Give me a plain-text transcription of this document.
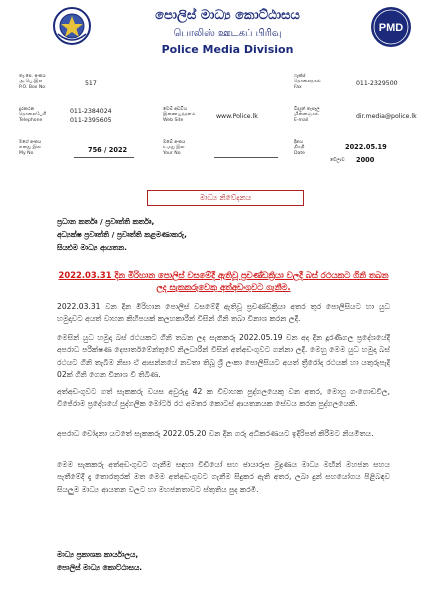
පොලිස් මාධ්‍ය කොට්ඨාසය
பொலிஸ் ஊடகப் பிரிவு
Police Media Division
PMD
තැ.පෙ. අංකය
அ.பெ.இல
P.O. Box No
517
දුරකථන
தொலைபேசி
Telephone
011-2384024
011-2395605
මගේ අංකය
எனது இல
My No	756 / 2022
වෙබ් අඩවිය
இணையத்தளம்
Web Site
www.Police.lk
ඔබේ අංකය
உமது இல
Your No
ෆැක්ස්
தொலைநகல்
Fax
011-2329500
විද්‍යුත් තැපෑල
மின்னஞ்சல்
E-mail
dir.media@police.lk
දිනය
திகதி
Date
2022.05.19
වේලාව 2000
මාධ්‍ය නිවේදනය
ප්‍රධාන කර්තෘ / ප්‍රවෘත්ති කර්තෘ,
අධ්‍යක්ෂ ප්‍රවෘත්ති / ප්‍රවෘත්ති කළමණාකරු,
සියළුම මාධ්‍ය ආයතන.
2022.03.31 දින මිරිහාන පොලිස් වසමේදී ඇතිවූ ප්‍රචණ්ඩක්‍රියා වලදී බස් රථයකට ගිනි තබන ලද සැකකරුවෙකු අත්අඩංගුවට ගැනීම.
2022.03.31 වන දින මිරිහාන පොලිස් වසමේදී ඇතිවූ ප්‍රචණ්ඩක්‍රියා අතර තුර පොලිසියට හා යුධ හමුදාවට අයත් වාහන කිහිපයක් කලහකාරීන් විසින් ගිනි තබා විනාශ කරන ලදී.
මෙසින් යුධ හමුදා බස් රථයකට ගිනි තබන ලද සැකකරු 2022.05.19 වන අද දින දූරණිගල ප්‍රදේශයේදී අපරාධ පරීක්ෂණ දෙපාර්තමේන්තුවේ නිලධාරීන් විසින් අත්අඩංගුවට ගන්නා ලදී. මෙහු මෙම යුධ හමුදා බස් රථයට ගිනි තැබීම නිසා ඒ ආසන්නයේ නවතා තිබූ ශ්‍රී ලංකා පොලිසියට අයත් ත්‍රීරෝද රථයක් හා යතුරුපැදි 02ක් ගිනි ගෙන විනාශ වී තිබිණ.
අත්අඩංගුවට ගත් සැකකරු වයස අවුරුදු 42 ක විවාහක පුද්ගලයෙකු වන අතර, මොහු ගංගොඩවිල, විජේරාම ප්‍රදේශයේ පුද්ගලික මෝටර් රථ අමතර කොටස් ආයතනයක සේවය කරන පුද්ගලයෙකි.
අපරාධ චෝදනා යටතේ සැකකරු 2022.05.20 වන දින ගරු අධිකරණයට ඉදිරිපත් කිරීමට නියමිතය.
මෙම සැකකරු අත්අඩංගුවට ගැනීම සඳහා වීඩියෝ සහ ඡායාරූප මුද්‍රණය මාධ්‍ය මඟින් මහජන සහය පැතීමේදී දැ තොරතුරක් මත මෙම අත්අඩංගුවට ගැනීම සිදුකර ඇති අතර, ලබා දුන් සහයෝගය පිළිබඳව සියලුම මාධ්‍ය ආයතන වලට හා මහජනතාවට ස්තුතිය පුද කරමි.
මාධ්‍ය ප්‍රකාශක කාර්යාලය,
පොලිස් මාධ්‍ය කොට්ඨාසය.
